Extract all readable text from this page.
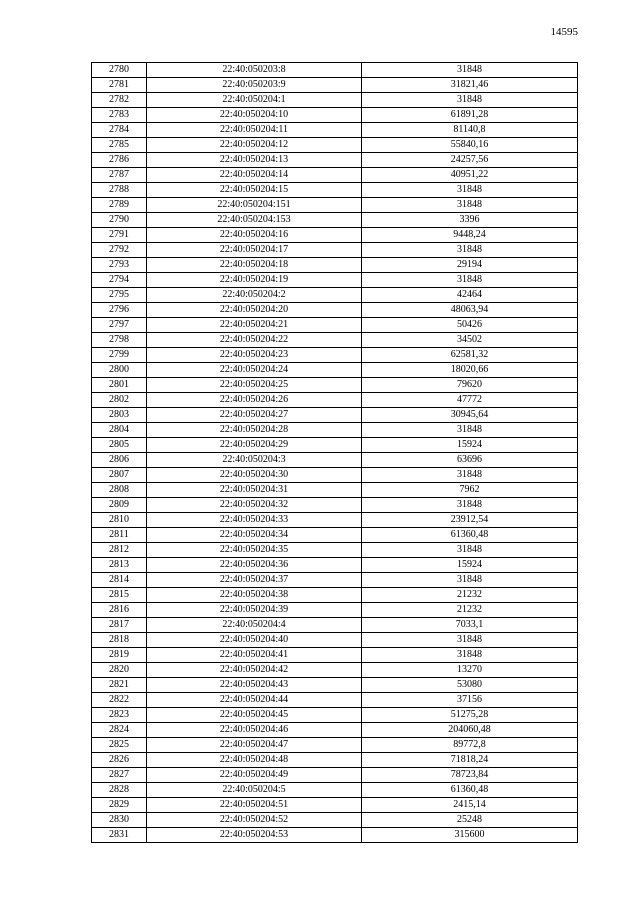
14595
2780	22:40:050203:8	31848
2781	22:40:050203:9	31821,46
2782	22:40:050204:1	31848
2783	22:40:050204:10	61891,28
2784	22:40:050204:11	81140,8
2785	22:40:050204:12	55840,16
2786	22:40:050204:13	24257,56
2787	22:40:050204:14	40951,22
2788	22:40:050204:15	31848
2789	22:40:050204:151	31848
2790	22:40:050204:153	3396
2791	22:40:050204:16	9448,24
2792	22:40:050204:17	31848
2793	22:40:050204:18	29194
2794	22:40:050204:19	31848
2795	22:40:050204:2	42464
2796	22:40:050204:20	48063,94
2797	22:40:050204:21	50426
2798	22:40:050204:22	34502
2799	22:40:050204:23	62581,32
2800	22:40:050204:24	18020,66
2801	22:40:050204:25	79620
2802	22:40:050204:26	47772
2803	22:40:050204:27	30945,64
2804	22:40:050204:28	31848
2805	22:40:050204:29	15924
2806	22:40:050204:3	63696
2807	22:40:050204:30	31848
2808	22:40:050204:31	7962
2809	22:40:050204:32	31848
2810	22:40:050204:33	23912,54
2811	22:40:050204:34	61360,48
2812	22:40:050204:35	31848
2813	22:40:050204:36	15924
2814	22:40:050204:37	31848
2815	22:40:050204:38	21232
2816	22:40:050204:39	21232
2817	22:40:050204:4	7033,1
2818	22:40:050204:40	31848
2819	22:40:050204:41	31848
2820	22:40:050204:42	13270
2821	22:40:050204:43	53080
2822	22:40:050204:44	37156
2823	22:40:050204:45	51275,28
2824	22:40:050204:46	204060,48
2825	22:40:050204:47	89772,8
2826	22:40:050204:48	71818,24
2827	22:40:050204:49	78723,84
2828	22:40:050204:5	61360,48
2829	22:40:050204:51	2415,14
2830	22:40:050204:52	25248
2831	22:40:050204:53	315600
